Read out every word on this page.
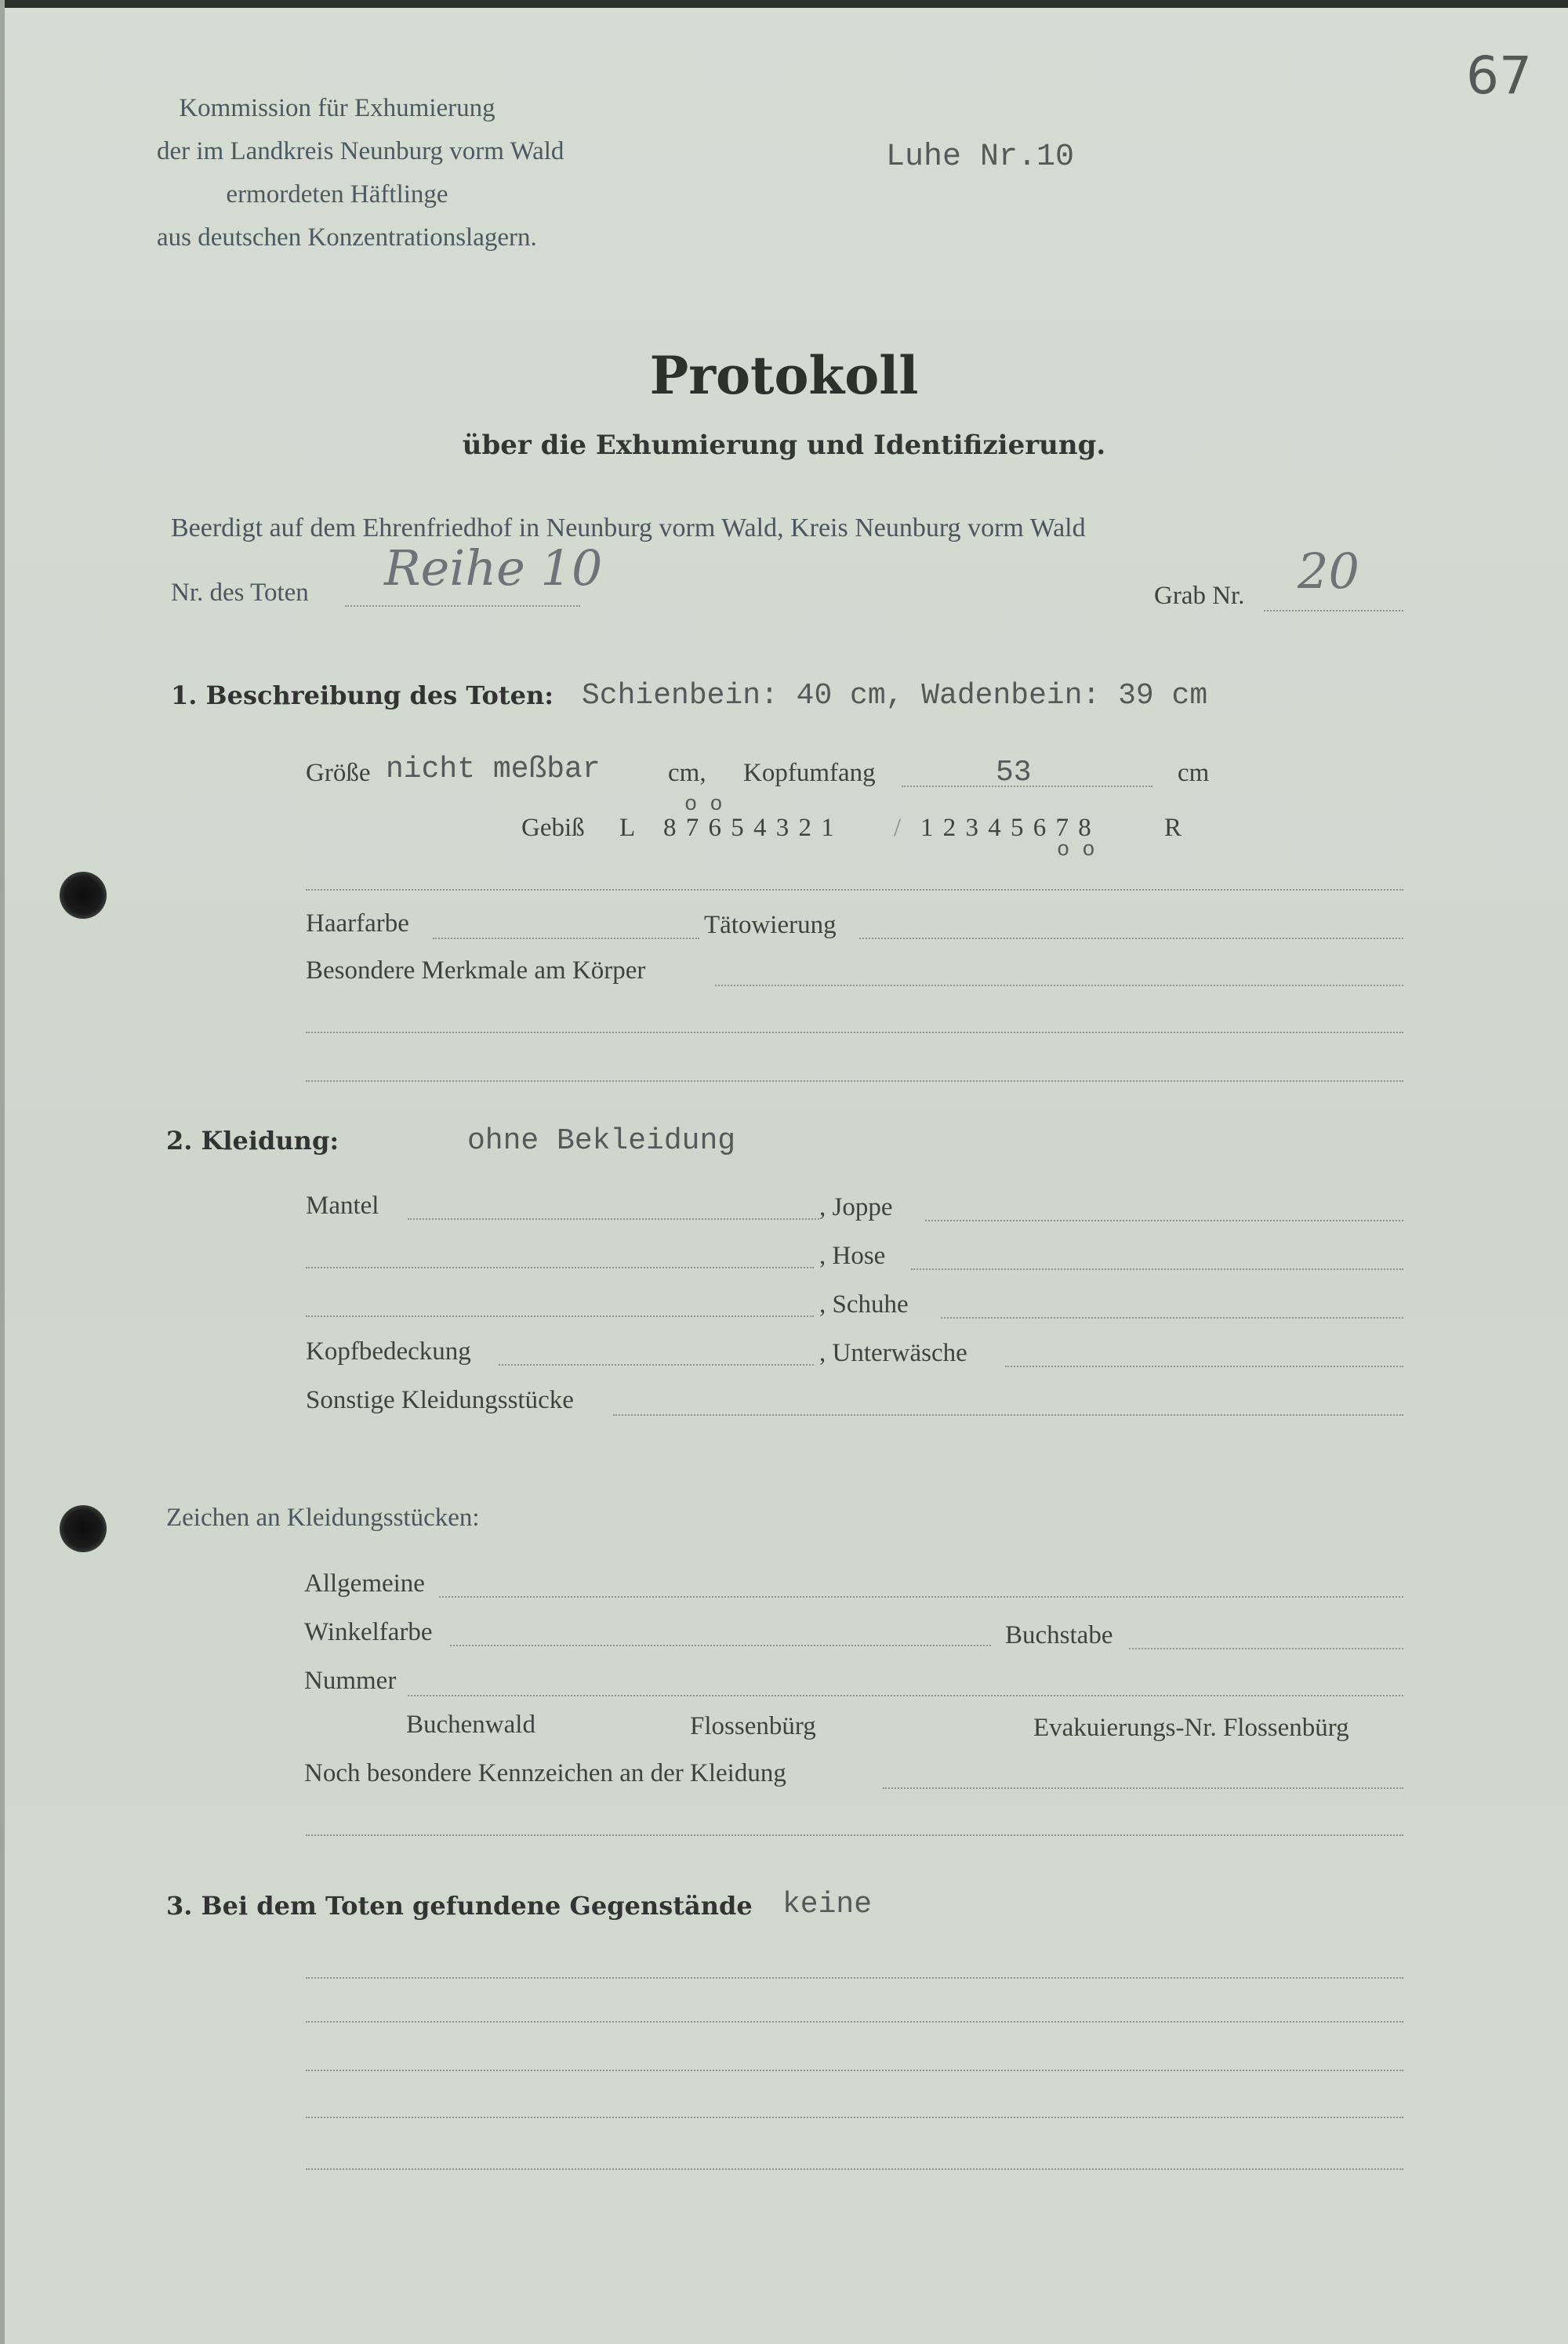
67
Kommission für Exhumierung
der im Landkreis Neunburg vorm Wald
ermordeten Häftlinge
aus deutschen Konzentrationslagern.
Luhe Nr.10
Protokoll
über die Exhumierung und Identifizierung.
Beerdigt auf dem Ehrenfriedhof in Neunburg vorm Wald, Kreis Neunburg vorm Wald
Nr. des Toten Reihe 10	Grab Nr. 20
1. Beschreibung des Toten: Schienbein: 40 cm, Wadenbein: 39 cm
Größe nicht meßbar	cm, Kopfumfang	53	cm
Gebiß L 8 7 6 5 4 3 2 1
o o
/ 1 2 3 4 5 6 7 8
o o
R
Haarfarbe	Tätowierung
Besondere Merkmale am Körper
2. Kleidung:	ohne Bekleidung
Mantel	, Joppe
, Hose
, Schuhe
Kopfbedeckung	, Unterwäsche
Sonstige Kleidungsstücke
Zeichen an Kleidungsstücken:
Allgemeine
Winkelfarbe	Buchstabe
Nummer
Buchenwald	Flossenbürg	Evakuierungs-Nr. Flossenbürg
Noch besondere Kennzeichen an der Kleidung
3. Bei dem Toten gefundene Gegenstände keine
